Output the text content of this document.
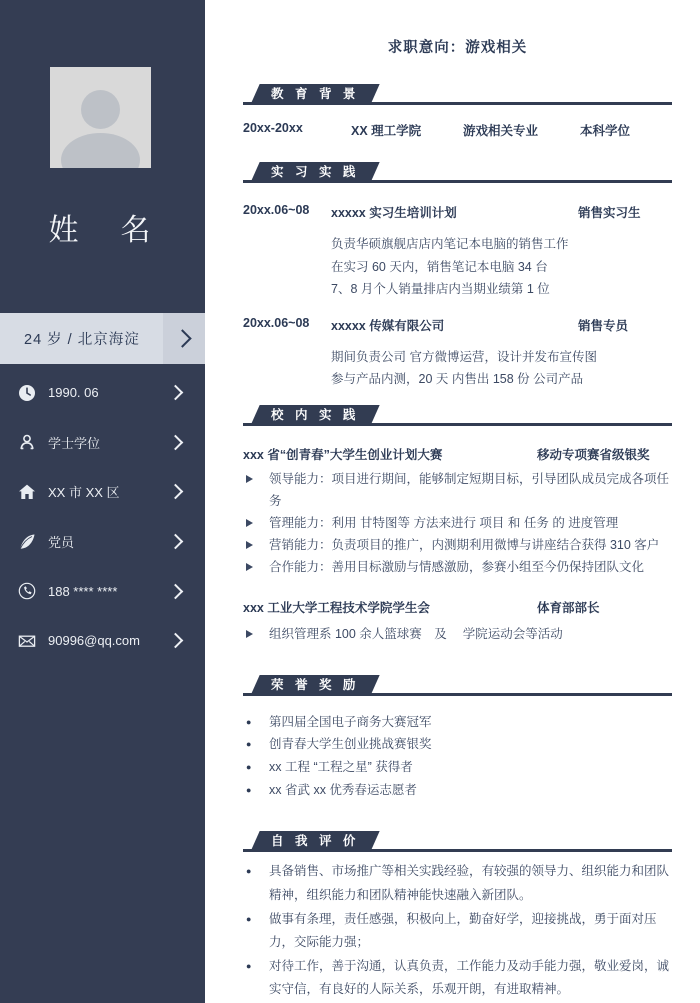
姓　名
24 岁 / 北京海淀
1990. 06
学士学位
XX 市 XX 区
党员
188 **** ****
90996@qq.com
求职意向：游戏相关
教 育 背 景
20xx-20xx	XX 理工学院	游戏相关专业	本科学位
实 习 实 践
20xx.06~08	xxxxx 实习生培训计划	销售实习生
负责华硕旗舰店店内笔记本电脑的销售工作
在实习 60 天内，销售笔记本电脑 34 台
7、8 月个人销量排店内当期业绩第 1 位
20xx.06~08	xxxxx 传媒有限公司	销售专员
期间负责公司 官方微博运营，设计并发布宣传图
参与产品内测，20 天 内售出 158 份 公司产品
校 内 实 践
xxx 省“创青春”大学生创业计划大赛	移动专项赛省级银奖
领导能力：项目进行期间，能够制定短期目标，引导团队成员完成各项任务
管理能力：利用 甘特图等 方法来进行 项目 和 任务 的 进度管理
营销能力：负责项目的推广，内测期利用微博与讲座结合获得 310 客户
合作能力：善用目标激励与情感激励，参赛小组至今仍保持团队文化
xxx 工业大学工程技术学院学生会	体育部部长
组织管理系 100 余人篮球赛　及　 学院运动会等活动
荣 誉 奖 励
● 第四届全国电子商务大赛冠军
● 创青春大学生创业挑战赛银奖
● xx 工程 “工程之星” 获得者
● xx 省武 xx 优秀春运志愿者
自 我 评 价
● 具备销售、市场推广等相关实践经验，有较强的领导力、组织能力和团队精神，组织能力和团队精神能快速融入新团队。
● 做事有条理，责任感强，积极向上，勤奋好学，迎接挑战，勇于面对压力，交际能力强；
● 对待工作，善于沟通，认真负责，工作能力及动手能力强，敬业爱岗，诚实守信，有良好的人际关系，乐观开朗，有进取精神。
